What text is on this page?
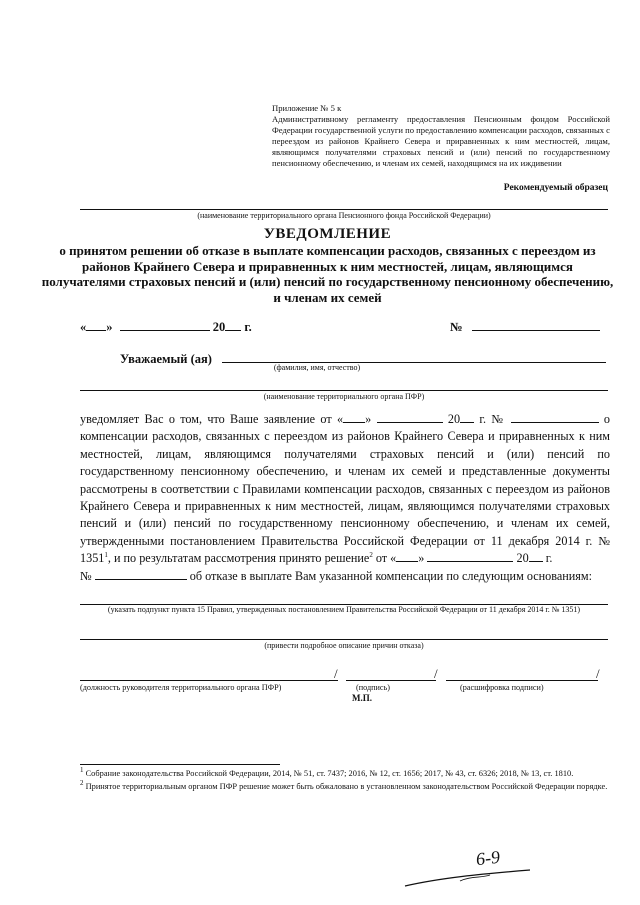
Приложение № 5 к
Административному регламенту предоставления Пенсионным фондом Российской Федерации государственной услуги по предоставлению компенсации расходов, связанных с переездом из районов Крайнего Севера и приравненных к ним местностей, лицам, являющимся получателями страховых пенсий и (или) пенсий по государственному пенсионному обеспечению, и членам их семей, находящимся на их иждивении
Рекомендуемый образец
(наименование территориального органа Пенсионного фонда Российской Федерации)
УВЕДОМЛЕНИЕ
о принятом решении об отказе в выплате компенсации расходов, связанных с переездом из районов Крайнего Севера и приравненных к ним местностей, лицам, являющимся получателями страховых пенсий и (или) пенсий по государственному пенсионному обеспечению, и членам их семей
« »	20 г.	№
Уважаемый (ая)
(фамилия, имя, отчество)
(наименование территориального органа ПФР)
уведомляет Вас о том, что Ваше заявление от « »	20 г. №	о компенсации расходов, связанных с переездом из районов Крайнего Севера и приравненных к ним местностей, лицам, являющимся получателями страховых пенсий и (или) пенсий по государственному пенсионному обеспечению, и членам их семей и представленные документы рассмотрены в соответствии с Правилами компенсации расходов, связанных с переездом из районов Крайнего Севера и приравненных к ним местностей, лицам, являющимся получателями страховых пенсий и (или) пенсий по государственному пенсионному обеспечению, и членам их семей, утвержденными постановлением Правительства Российской Федерации от 11 декабря 2014 г. № 1351$^1$, и по результатам рассмотрения принято решение$^2$ от « »	20 г.
№	об отказе в выплате Вам указанной компенсации по следующим основаниям:
(указать подпункт пункта 15 Правил, утвержденных постановлением Правительства Российской Федерации от 11 декабря 2014 г. № 1351)
(привести подробное описание причин отказа)
/	/	/
(должность руководителя территориального органа ПФР)	(подпись)	(расшифровка подписи)
М.П.

$^1$ Собрание законодательства Российской Федерации, 2014, № 51, ст. 7437; 2016, № 12, ст. 1656; 2017, № 43, ст. 6326; 2018, № 13, ст. 1810.

$^2$ Принятое территориальным органом ПФР решение может быть обжаловано в установленном законодательством Российской Федерации порядке.

6-9
